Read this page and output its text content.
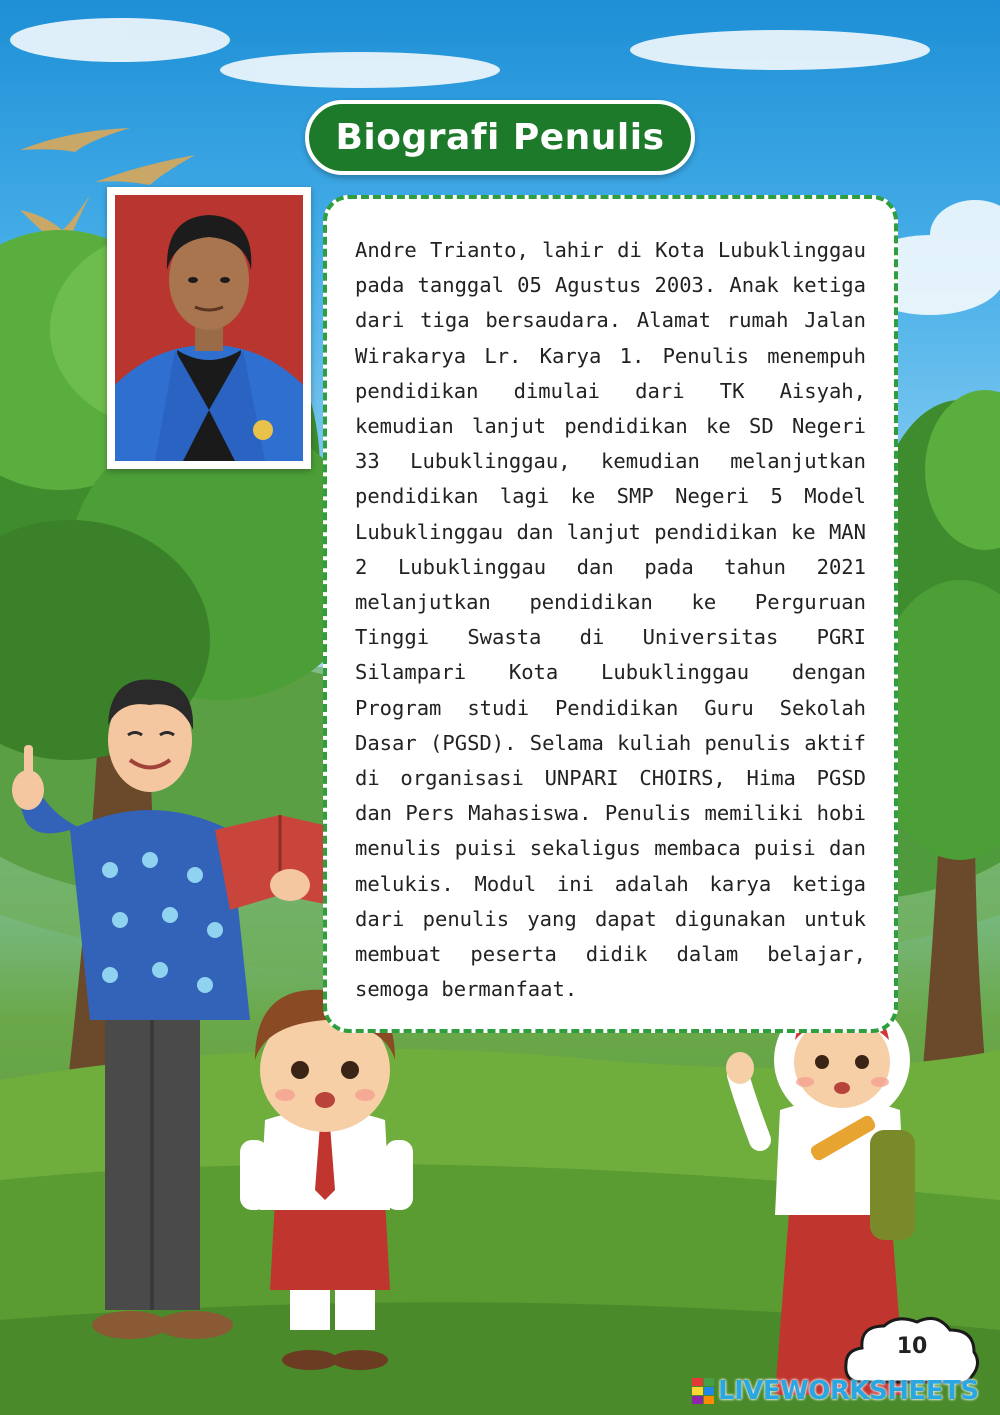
Biografi Penulis

Andre Trianto, lahir di Kota Lubuklinggau pada tanggal 05 Agustus 2003. Anak ketiga dari tiga bersaudara. Alamat rumah Jalan Wirakarya Lr. Karya 1. Penulis menempuh pendidikan dimulai dari TK Aisyah, kemudian lanjut pendidikan ke SD Negeri 33 Lubuklinggau, kemudian melanjutkan pendidikan lagi ke SMP Negeri 5 Model Lubuklinggau dan lanjut pendidikan ke MAN 2 Lubuklinggau dan pada tahun 2021 melanjutkan pendidikan ke Perguruan Tinggi Swasta di Universitas PGRI Silampari Kota Lubuklinggau dengan Program studi Pendidikan Guru Sekolah Dasar (PGSD). Selama kuliah penulis aktif di organisasi UNPARI CHOIRS, Hima PGSD dan Pers Mahasiswa. Penulis memiliki hobi menulis puisi sekaligus membaca puisi dan melukis. Modul ini adalah karya ketiga dari penulis yang dapat digunakan untuk membuat peserta didik dalam belajar, semoga bermanfaat.

10
LIVEWORKSHEETS
